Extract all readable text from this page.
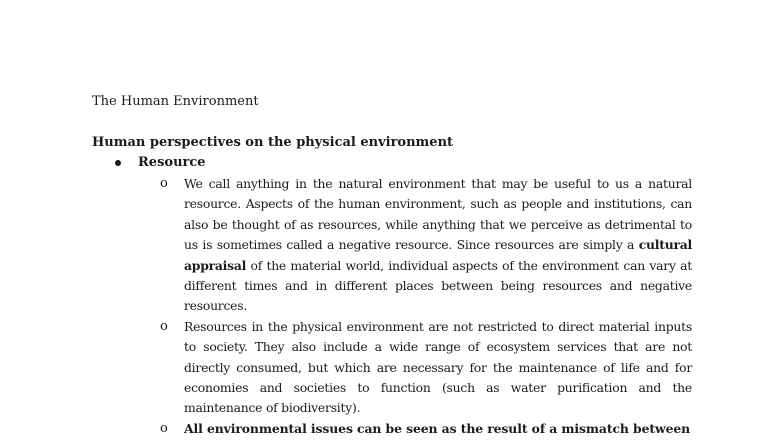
The Human Environment
Human perspectives on the physical environment
Resource
o We call anything in the natural environment that may be useful to us a natural resource. Aspects of the human environment, such as people and institutions, can also be thought of as resources, while anything that we perceive as detrimental to us is sometimes called a negative resource. Since resources are simply a cultural appraisal of the material world, individual aspects of the environment can vary at different times and in different places between being resources and negative resources.
o Resources in the physical environment are not restricted to direct material inputs to society. They also include a wide range of ecosystem services that are not directly consumed, but which are necessary for the maintenance of life and for economies and societies to function (such as water purification and the maintenance of biodiversity).
o All environmental issues can be seen as the result of a mismatch between
